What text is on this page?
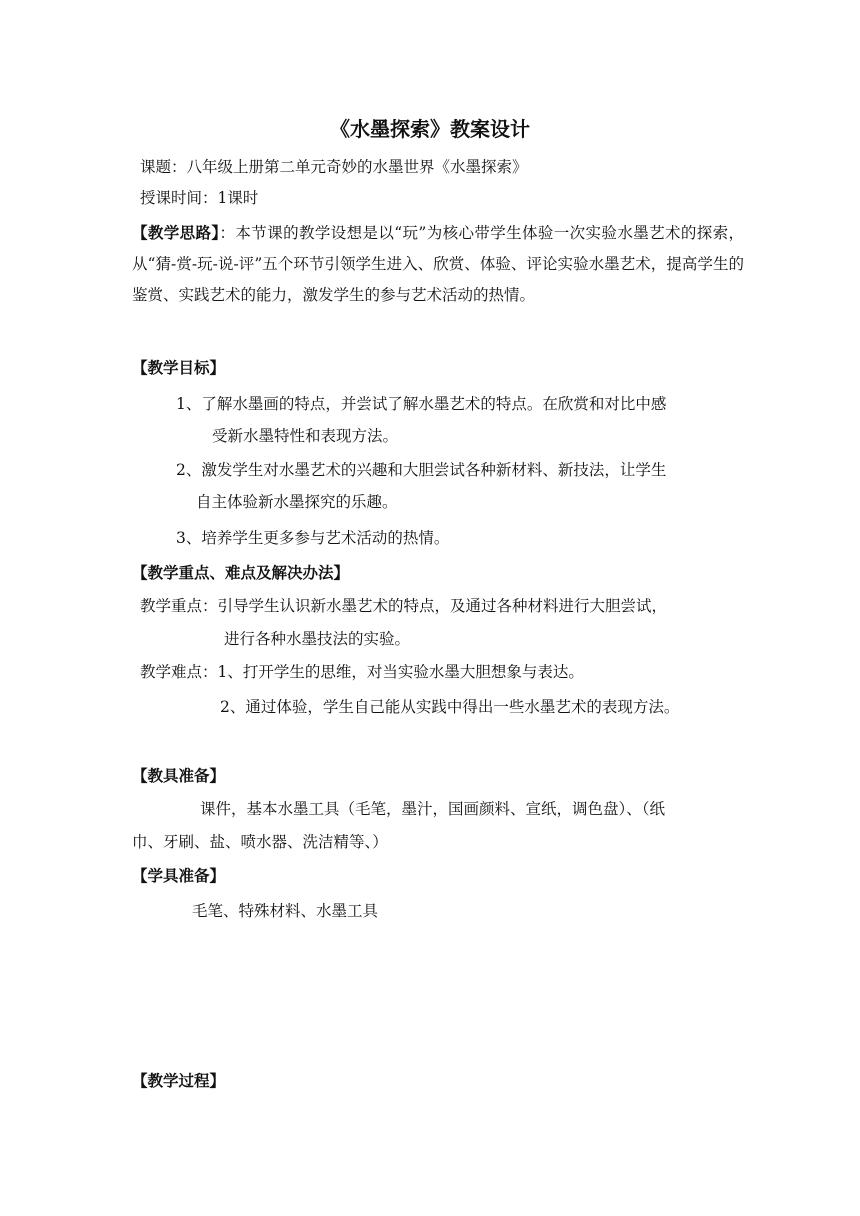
《水墨探索》教案设计
课题：八年级上册第二单元奇妙的水墨世界《水墨探索》
授课时间：1课时
【教学思路】：本节课的教学设想是以“玩”为核心带学生体验一次实验水墨艺术的探索，从“猜-赏-玩-说-评”五个环节引领学生进入、欣赏、体验、评论实验水墨艺术，提高学生的鉴赏、实践艺术的能力，激发学生的参与艺术活动的热情。
【教学目标】
1、了解水墨画的特点，并尝试了解水墨艺术的特点。在欣赏和对比中感
受新水墨特性和表现方法。
2、激发学生对水墨艺术的兴趣和大胆尝试各种新材料、新技法，让学生
自主体验新水墨探究的乐趣。
3、培养学生更多参与艺术活动的热情。
【教学重点、难点及解决办法】
教学重点：引导学生认识新水墨艺术的特点，及通过各种材料进行大胆尝试，
进行各种水墨技法的实验。
教学难点：1、打开学生的思维，对当实验水墨大胆想象与表达。
2、通过体验，学生自己能从实践中得出一些水墨艺术的表现方法。
【教具准备】
课件，基本水墨工具（毛笔，墨汁，国画颜料、宣纸，调色盘）、（纸
巾、牙刷、盐、喷水器、洗洁精等、）
【学具准备】
毛笔、特殊材料、水墨工具
【教学过程】
